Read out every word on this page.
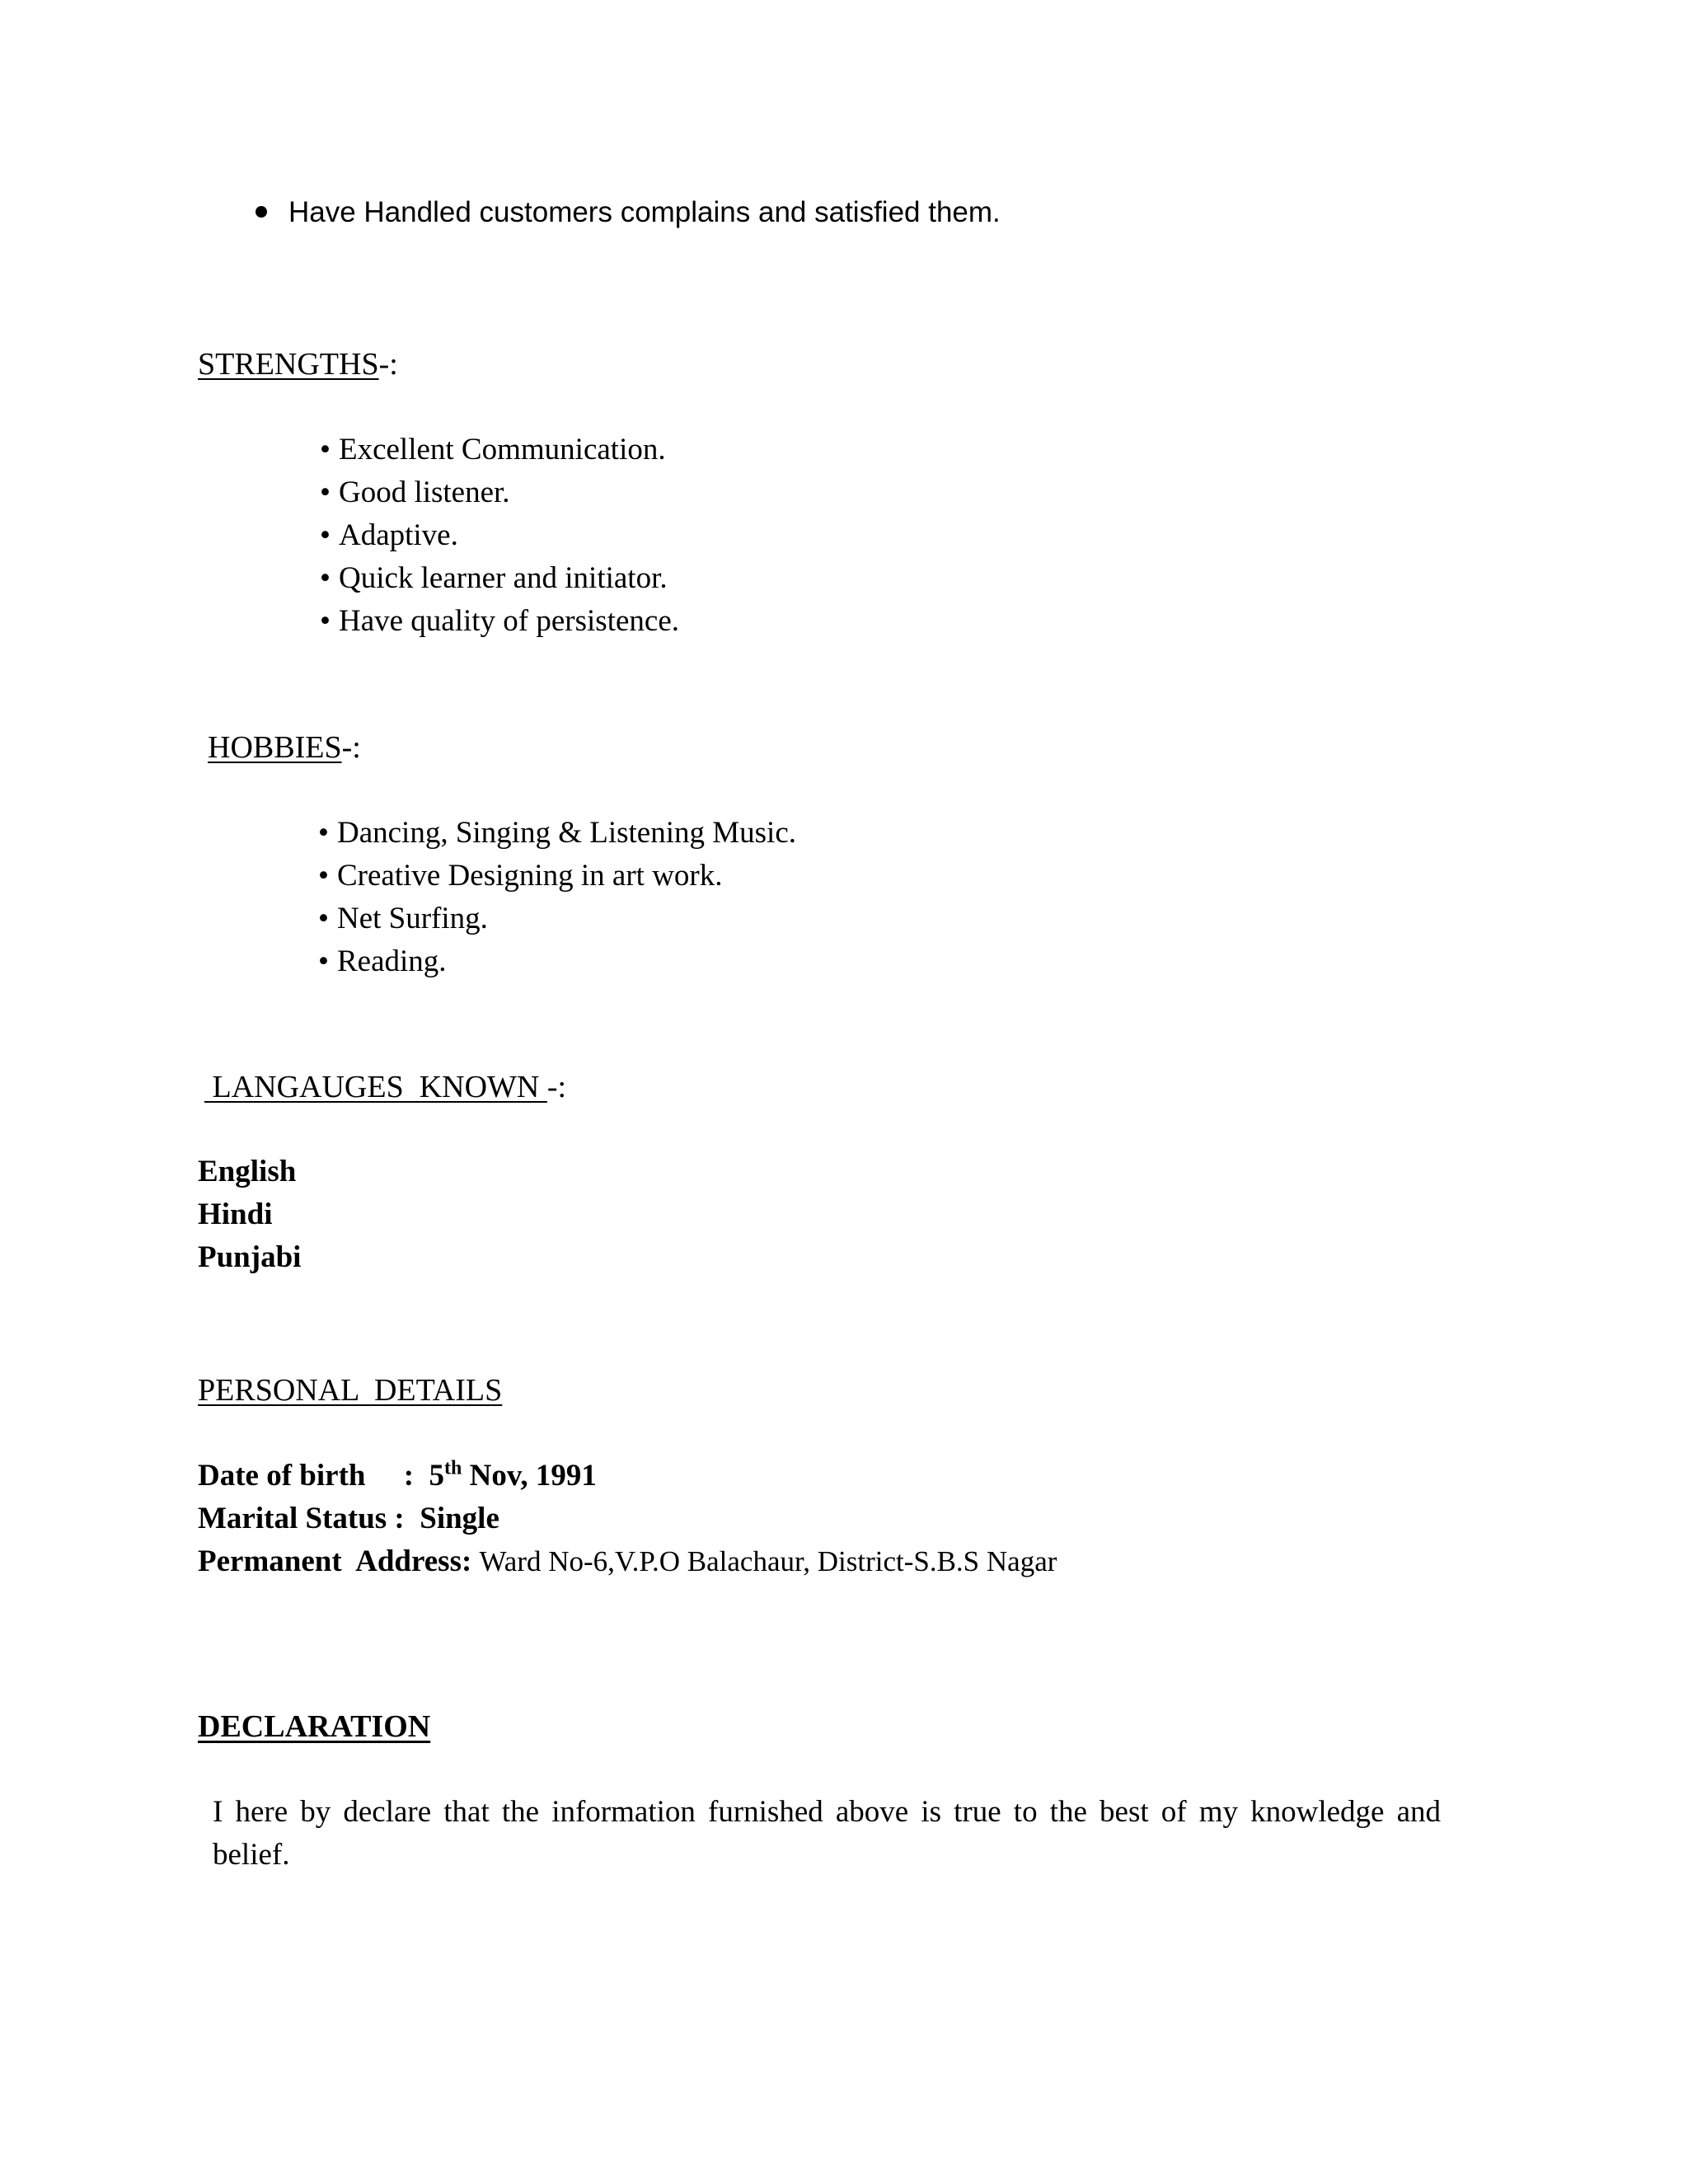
Have Handled customers complains and satisfied them.
STRENGTHS-:
• Excellent Communication.
• Good listener.
• Adaptive.
• Quick learner and initiator.
• Have quality of persistence.
HOBBIES-:
• Dancing, Singing & Listening Music.
• Creative Designing in art work.
• Net Surfing.
• Reading.
LANGAUGES  KNOWN -:
English
Hindi
Punjabi
PERSONAL  DETAILS
Date of birth     :  5th Nov, 1991
Marital Status :  Single
Permanent  Address: Ward No-6,V.P.O Balachaur, District-S.B.S Nagar
DECLARATION
I here by declare that the information furnished above is true to the best of my knowledge and belief.
